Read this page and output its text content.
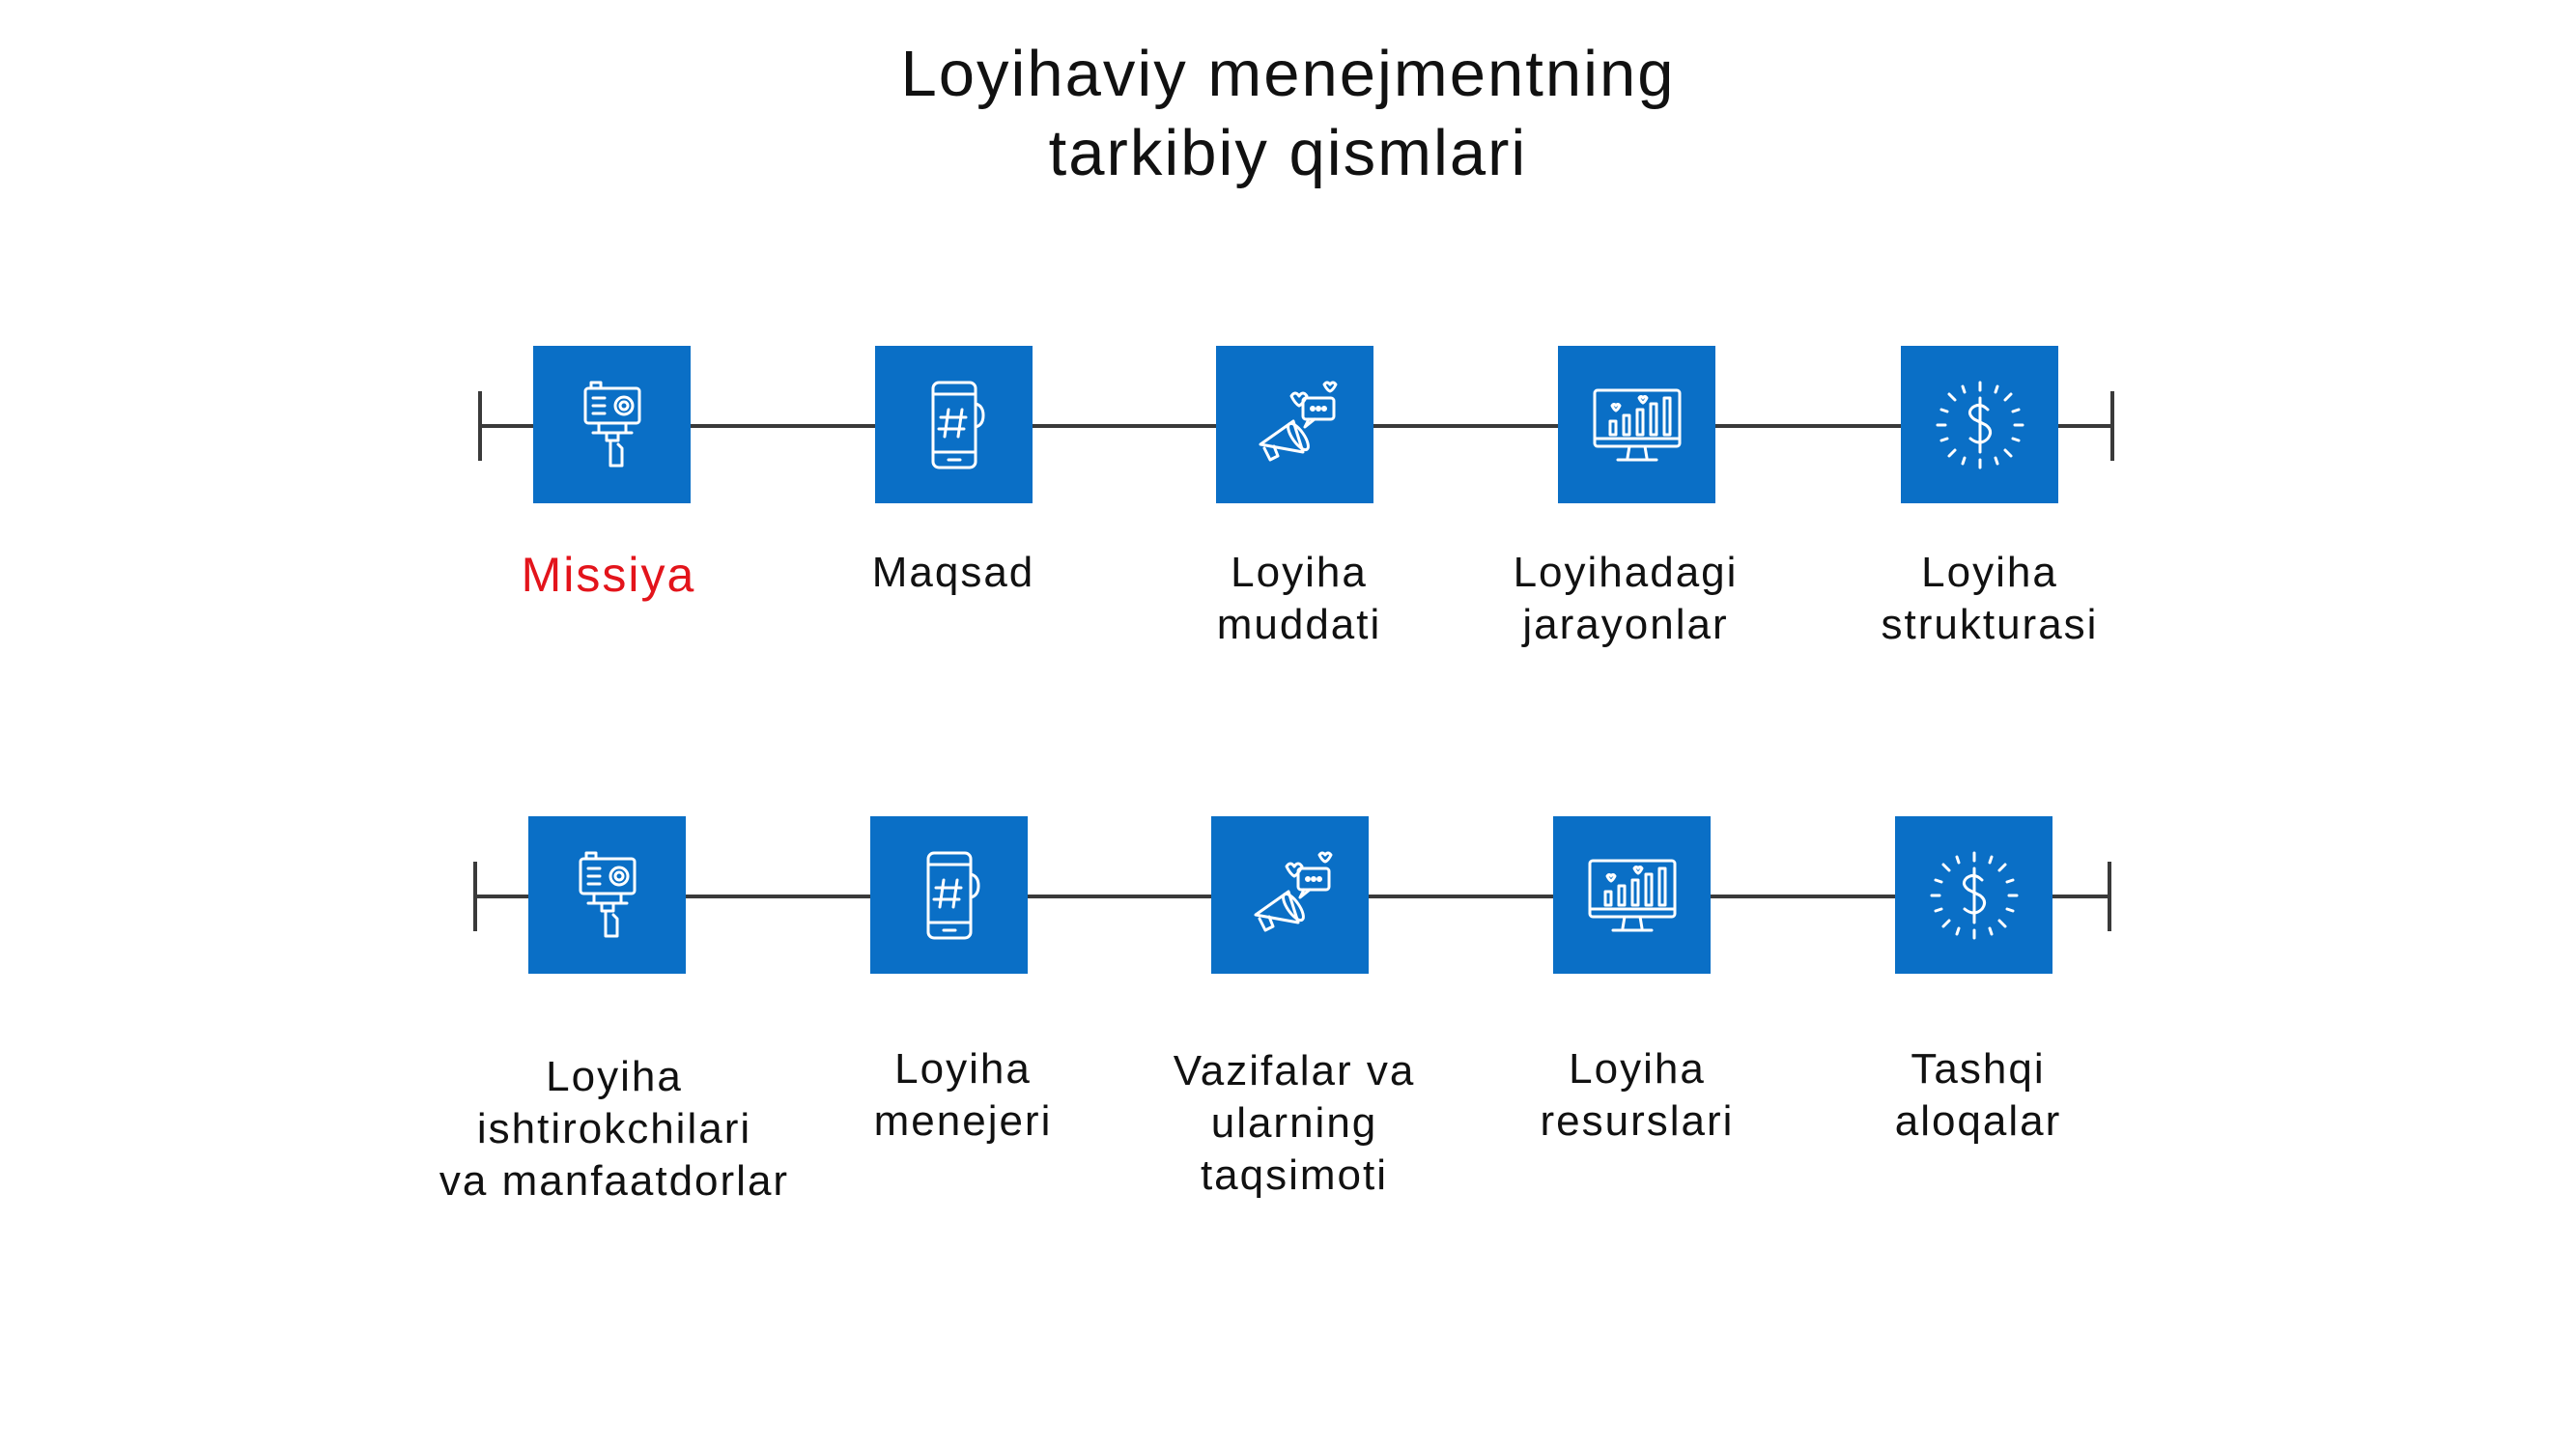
Loyihaviy menejmentning
tarkibiy qismlari
Missiya	Maqsad	Loyiha
muddati
Loyihadagi
jarayonlar
Loyiha
strukturasi
Loyiha
ishtirokchilari
va manfaatdorlar
Loyiha
menejeri
Vazifalar va
ularning
taqsimoti
Loyiha
resurslari
Tashqi
aloqalar
